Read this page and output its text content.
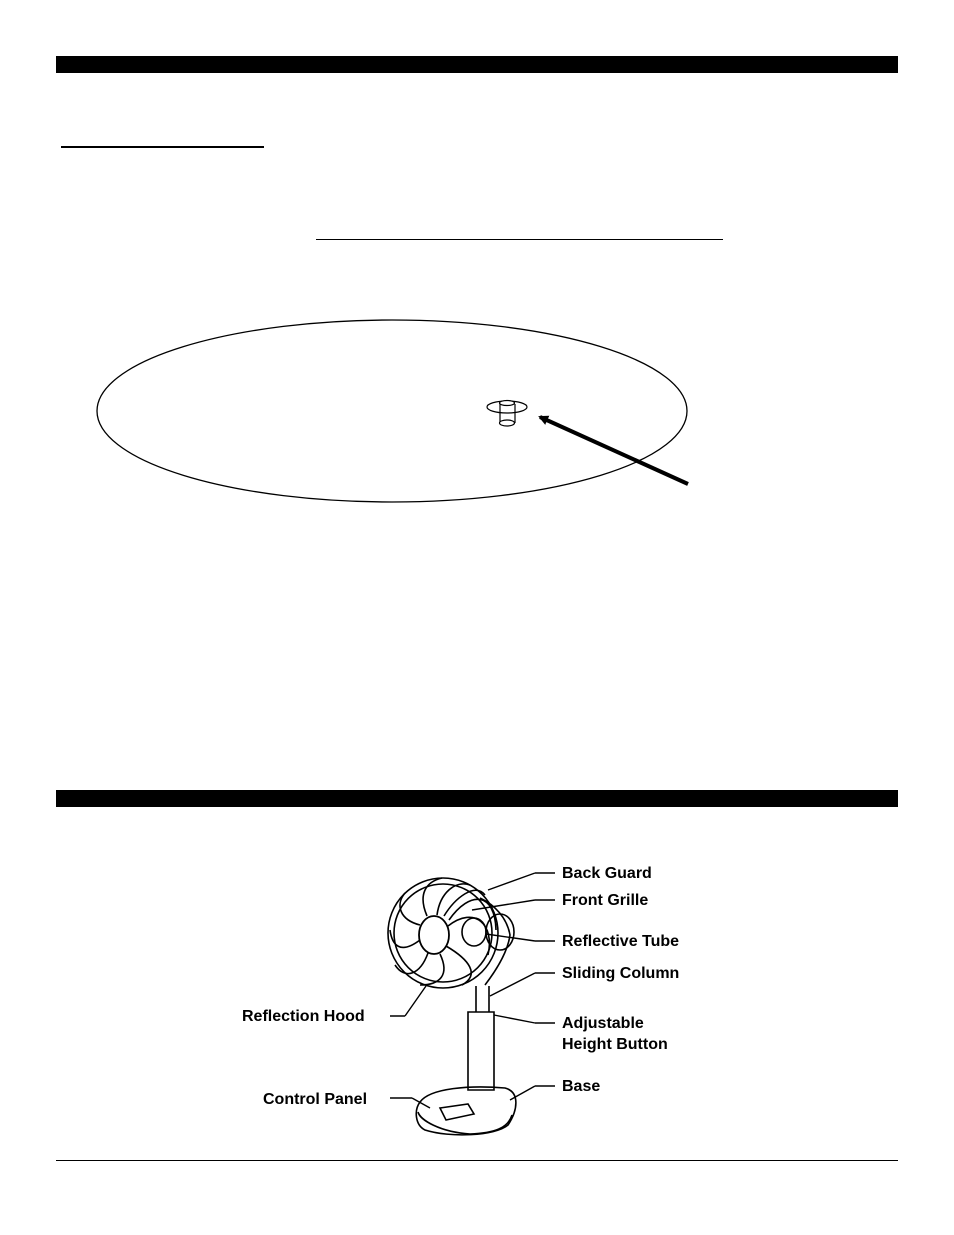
Back Guard
Front Grille
Reflective Tube
Sliding Column
Reflection Hood	Adjustable
Height Button
Control Panel
Base
